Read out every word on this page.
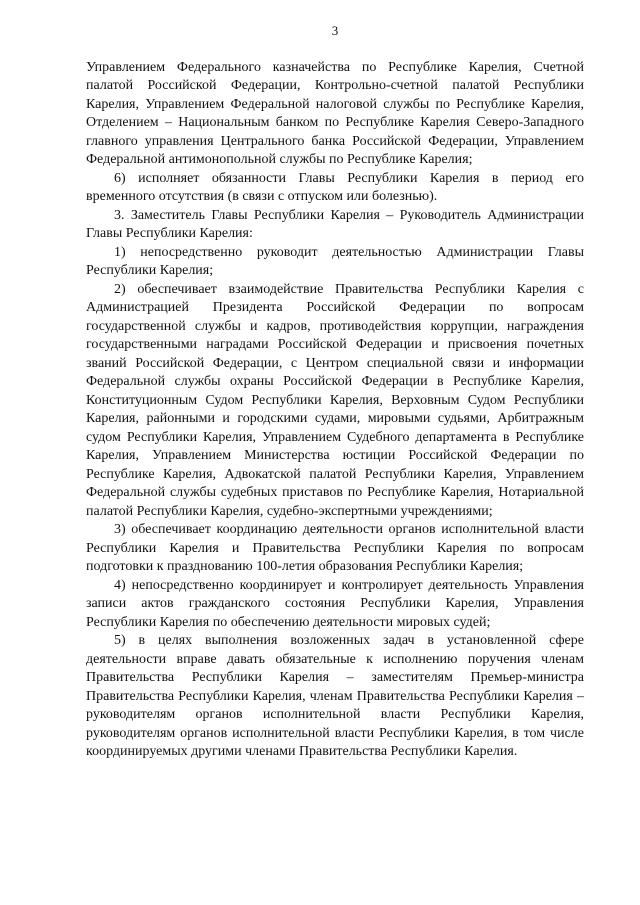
3

Управлением Федерального казначейства по Республике Карелия, Счетной палатой Российской Федерации, Контрольно-счетной палатой Республики Карелия, Управлением Федеральной налоговой службы по Республике Карелия, Отделением – Национальным банком по Республике Карелия Северо-Западного главного управления Центрального банка Российской Федерации, Управлением Федеральной антимонопольной службы по Республике Карелия;

6) исполняет обязанности Главы Республики Карелия в период его временного отсутствия (в связи с отпуском или болезнью).

3. Заместитель Главы Республики Карелия – Руководитель Администрации Главы Республики Карелия:

1) непосредственно руководит деятельностью Администрации Главы Республики Карелия;

2) обеспечивает взаимодействие Правительства Республики Карелия с Администрацией Президента Российской Федерации по вопросам государственной службы и кадров, противодействия коррупции, награждения государственными наградами Российской Федерации и присвоения почетных званий Российской Федерации, с Центром специальной связи и информации Федеральной службы охраны Российской Федерации в Республике Карелия, Конституционным Судом Республики Карелия, Верховным Судом Республики Карелия, районными и городскими судами, мировыми судьями, Арбитражным судом Республики Карелия, Управлением Судебного департамента в Республике Карелия, Управлением Министерства юстиции Российской Федерации по Республике Карелия, Адвокатской палатой Республики Карелия, Управлением Федеральной службы судебных приставов по Республике Карелия, Нотариальной палатой Республики Карелия, судебно-экспертными учреждениями;

3) обеспечивает координацию деятельности органов исполнительной власти Республики Карелия и Правительства Республики Карелия по вопросам подготовки к празднованию 100-летия образования Республики Карелия;

4) непосредственно координирует и контролирует деятельность Управления записи актов гражданского состояния Республики Карелия, Управления Республики Карелия по обеспечению деятельности мировых судей;

5) в целях выполнения возложенных задач в установленной сфере деятельности вправе давать обязательные к исполнению поручения членам Правительства Республики Карелия – заместителям Премьер-министра Правительства Республики Карелия, членам Правительства Республики Карелия – руководителям органов исполнительной власти Республики Карелия, руководителям органов исполнительной власти Республики Карелия, в том числе координируемых другими членами Правительства Республики Карелия.
